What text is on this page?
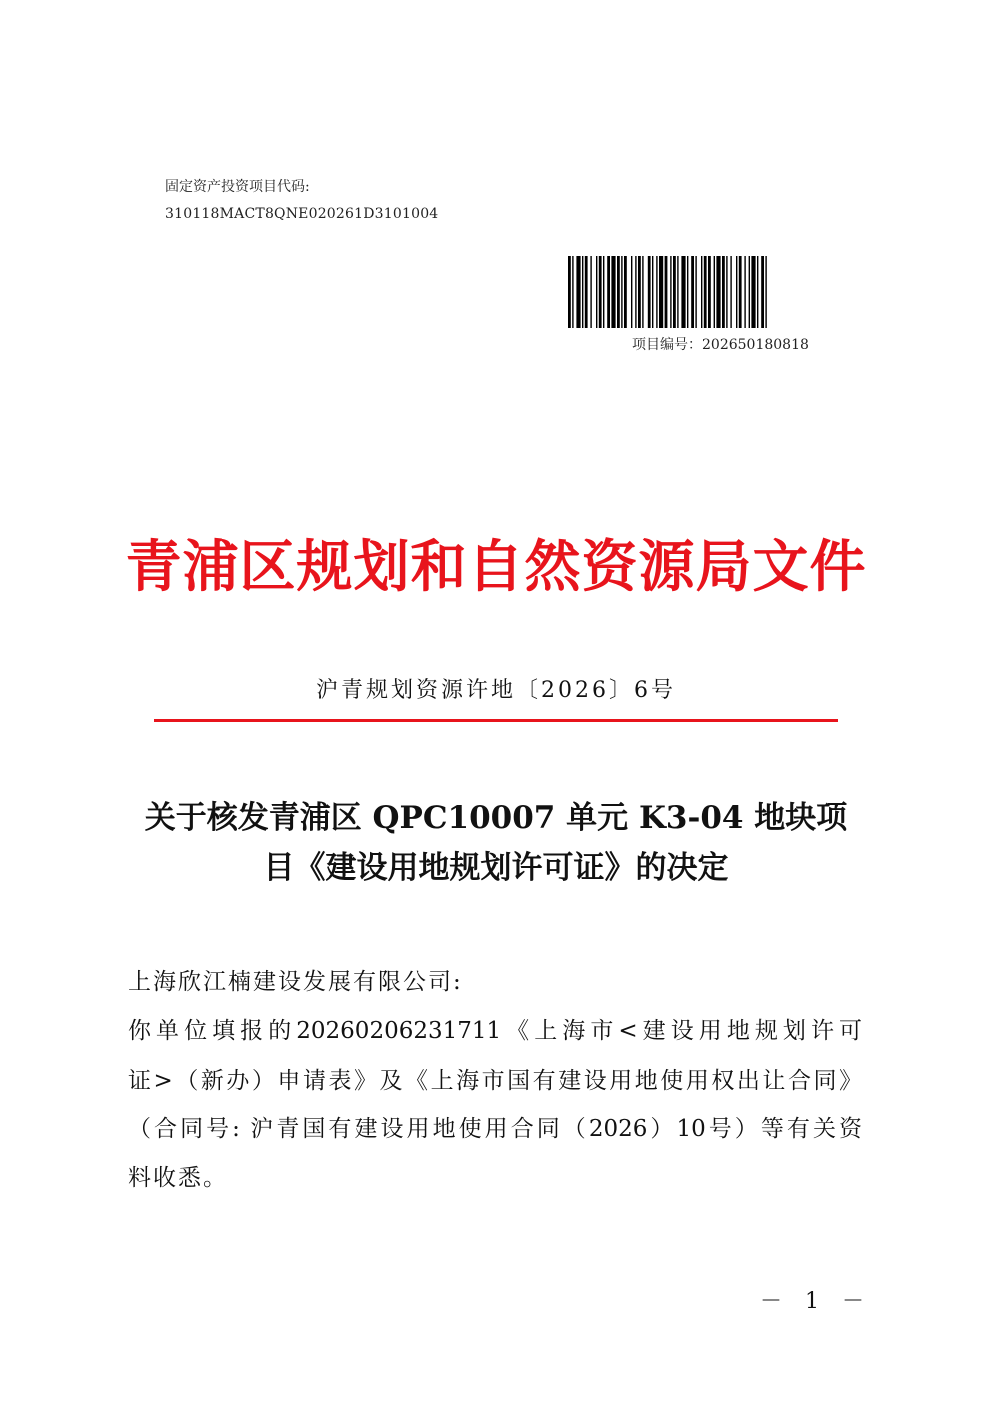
固定资产投资项目代码:
310118MACT8QNE020261D3101004
项目编号：202650180818
青浦区规划和自然资源局文件
沪青规划资源许地〔2026〕6号
关于核发青浦区 QPC10007 单元 K3-04 地块项
目《建设用地规划许可证》的决定
上海欣江楠建设发展有限公司:
你单位填报的20260206231711《上海市<建设用地规划许可
证>（新办）申请表》及《上海市国有建设用地使用权出让合同》
（合同号: 沪青国有建设用地使用合同（2026）10号）等有关资
料收悉。
－ 1 －
